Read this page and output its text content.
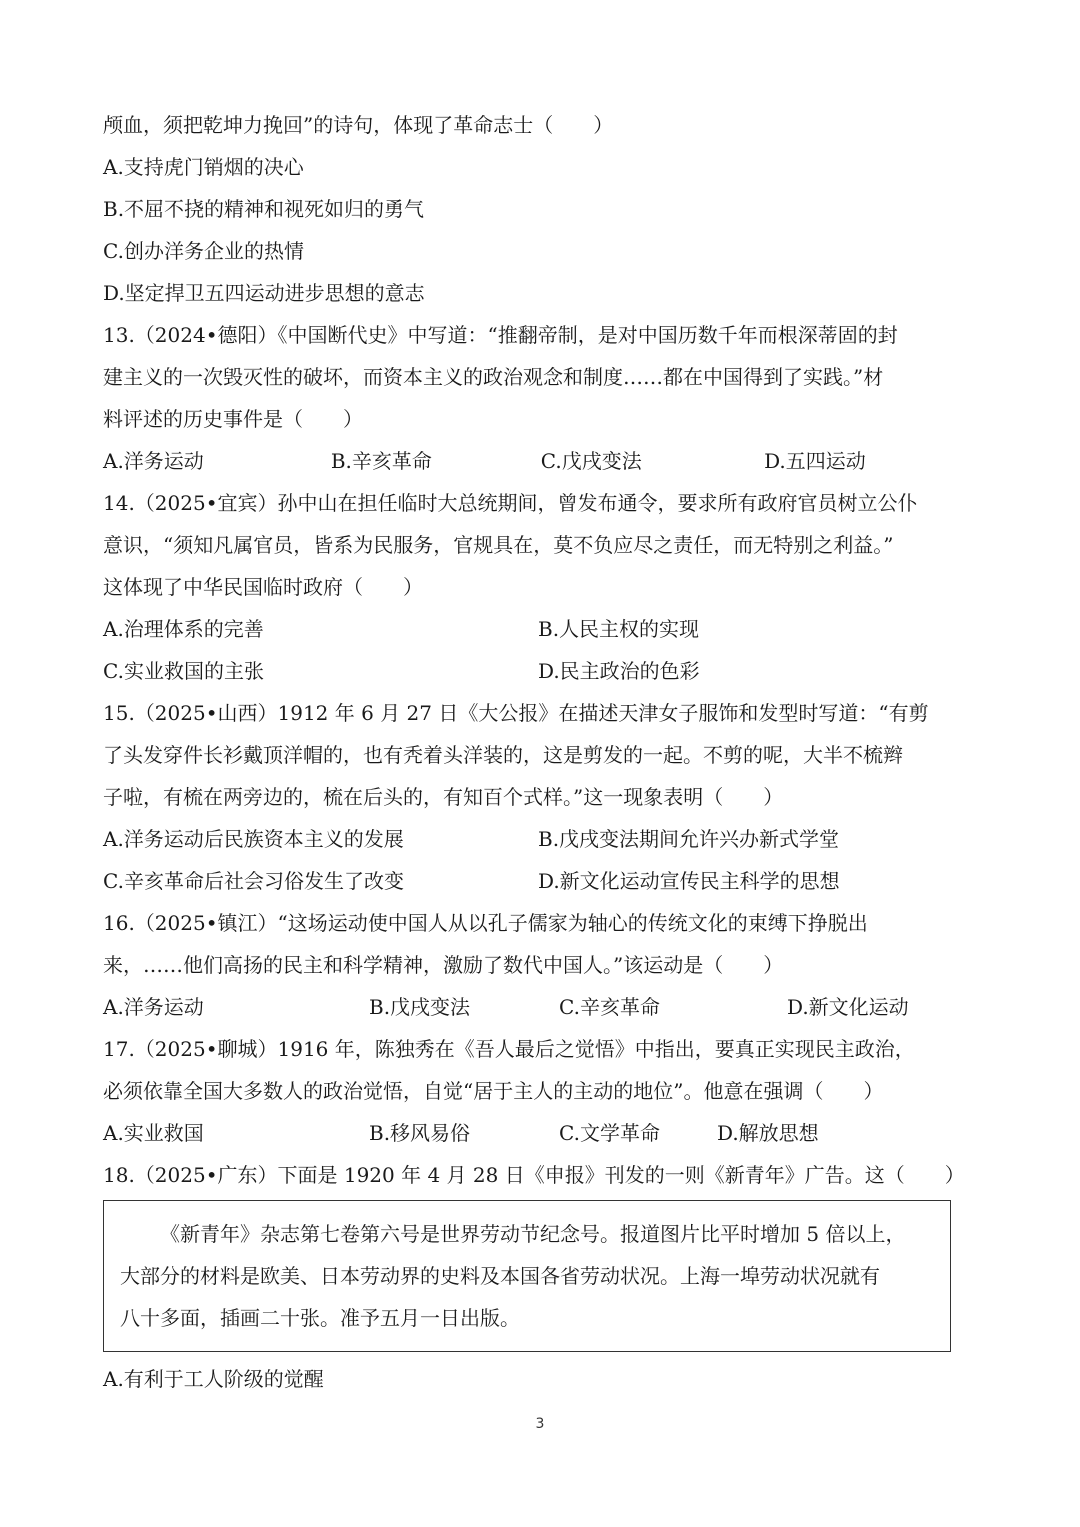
颅血，须把乾坤力挽回”的诗句，体现了革命志士（　　）
A.支持虎门销烟的决心
B.不屈不挠的精神和视死如归的勇气
C.创办洋务企业的热情
D.坚定捍卫五四运动进步思想的意志
13.（2024•德阳）《中国断代史》中写道：“推翻帝制，是对中国历数千年而根深蒂固的封
建主义的一次毁灭性的破坏，而资本主义的政治观念和制度……都在中国得到了实践。”材
料评述的历史事件是（　　）
A.洋务运动	B.辛亥革命	C.戊戌变法	D.五四运动
14.（2025•宜宾）孙中山在担任临时大总统期间，曾发布通令，要求所有政府官员树立公仆
意识，“须知凡属官员，皆系为民服务，官规具在，莫不负应尽之责任，而无特别之利益。”
这体现了中华民国临时政府（　　）
A.治理体系的完善	B.人民主权的实现
C.实业救国的主张	D.民主政治的色彩
15.（2025•山西）1912 年 6 月 27 日《大公报》在描述天津女子服饰和发型时写道：“有剪
了头发穿件长衫戴顶洋帽的，也有秃着头洋装的，这是剪发的一起。不剪的呢，大半不梳辫
子啦，有梳在两旁边的，梳在后头的，有知百个式样。”这一现象表明（　　）
A.洋务运动后民族资本主义的发展	B.戊戌变法期间允许兴办新式学堂
C.辛亥革命后社会习俗发生了改变	D.新文化运动宣传民主科学的思想
16.（2025•镇江）“这场运动使中国人从以孔子儒家为轴心的传统文化的束缚下挣脱出
来，……他们高扬的民主和科学精神，激励了数代中国人。”该运动是（　　）
A.洋务运动	B.戊戌变法	C.辛亥革命	D.新文化运动
17.（2025•聊城）1916 年，陈独秀在《吾人最后之觉悟》中指出，要真正实现民主政治，
必须依靠全国大多数人的政治觉悟，自觉“居于主人的主动的地位”。他意在强调（　　）
A.实业救国	B.移风易俗	C.文学革命	D.解放思想
18.（2025•广东）下面是 1920 年 4 月 28 日《申报》刊发的一则《新青年》广告。这（　　）
《新青年》杂志第七卷第六号是世界劳动节纪念号。报道图片比平时增加 5 倍以上，
大部分的材料是欧美、日本劳动界的史料及本国各省劳动状况。上海一埠劳动状况就有
八十多面，插画二十张。准予五月一日出版。
A.有利于工人阶级的觉醒
3
